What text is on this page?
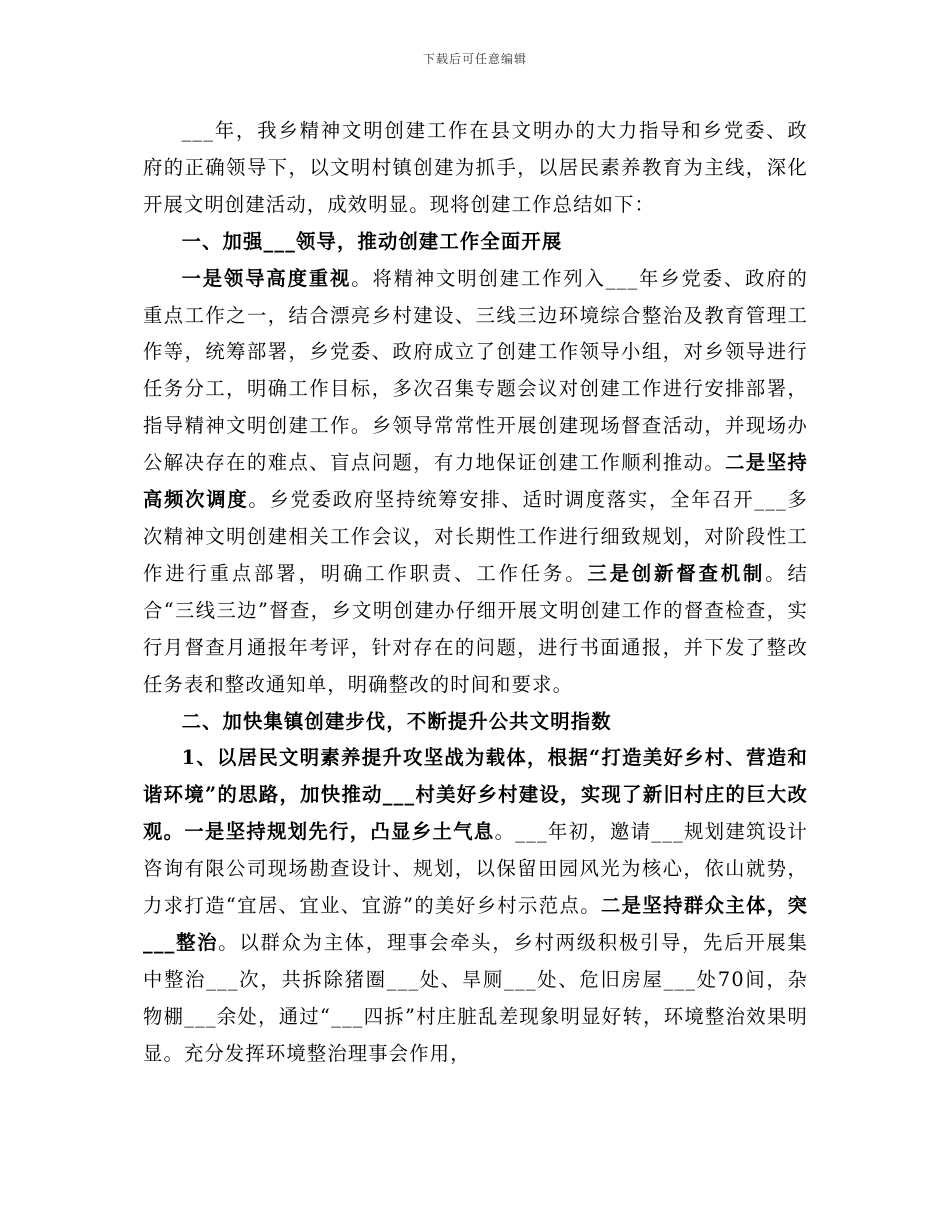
下载后可任意编辑

___年，我乡精神文明创建工作在县文明办的大力指导和乡党委、政府的正确领导下，以文明村镇创建为抓手，以居民素养教育为主线，深化开展文明创建活动，成效明显。现将创建工作总结如下：

一、加强___领导，推动创建工作全面开展

一是领导高度重视。将精神文明创建工作列入___年乡党委、政府的重点工作之一，结合漂亮乡村建设、三线三边环境综合整治及教育管理工作等，统筹部署，乡党委、政府成立了创建工作领导小组，对乡领导进行任务分工，明确工作目标，多次召集专题会议对创建工作进行安排部署，指导精神文明创建工作。乡领导常常性开展创建现场督查活动，并现场办公解决存在的难点、盲点问题，有力地保证创建工作顺利推动。二是坚持高频次调度。乡党委政府坚持统筹安排、适时调度落实，全年召开___多次精神文明创建相关工作会议，对长期性工作进行细致规划，对阶段性工作进行重点部署，明确工作职责、工作任务。三是创新督查机制。结合“三线三边”督查，乡文明创建办仔细开展文明创建工作的督查检查，实行月督查月通报年考评，针对存在的问题，进行书面通报，并下发了整改任务表和整改通知单，明确整改的时间和要求。

二、加快集镇创建步伐，不断提升公共文明指数

1、以居民文明素养提升攻坚战为载体，根据“打造美好乡村、营造和谐环境”的思路，加快推动___村美好乡村建设，实现了新旧村庄的巨大改观。一是坚持规划先行，凸显乡土气息。___年初，邀请___规划建筑设计咨询有限公司现场勘查设计、规划，以保留田园风光为核心，依山就势，力求打造“宜居、宜业、宜游”的美好乡村示范点。二是坚持群众主体，突___整治。以群众为主体，理事会牵头，乡村两级积极引导，先后开展集中整治___次，共拆除猪圈___处、旱厕___处、危旧房屋___处70间，杂物棚___余处，通过“___四拆”村庄脏乱差现象明显好转，环境整治效果明显。充分发挥环境整治理事会作用，
